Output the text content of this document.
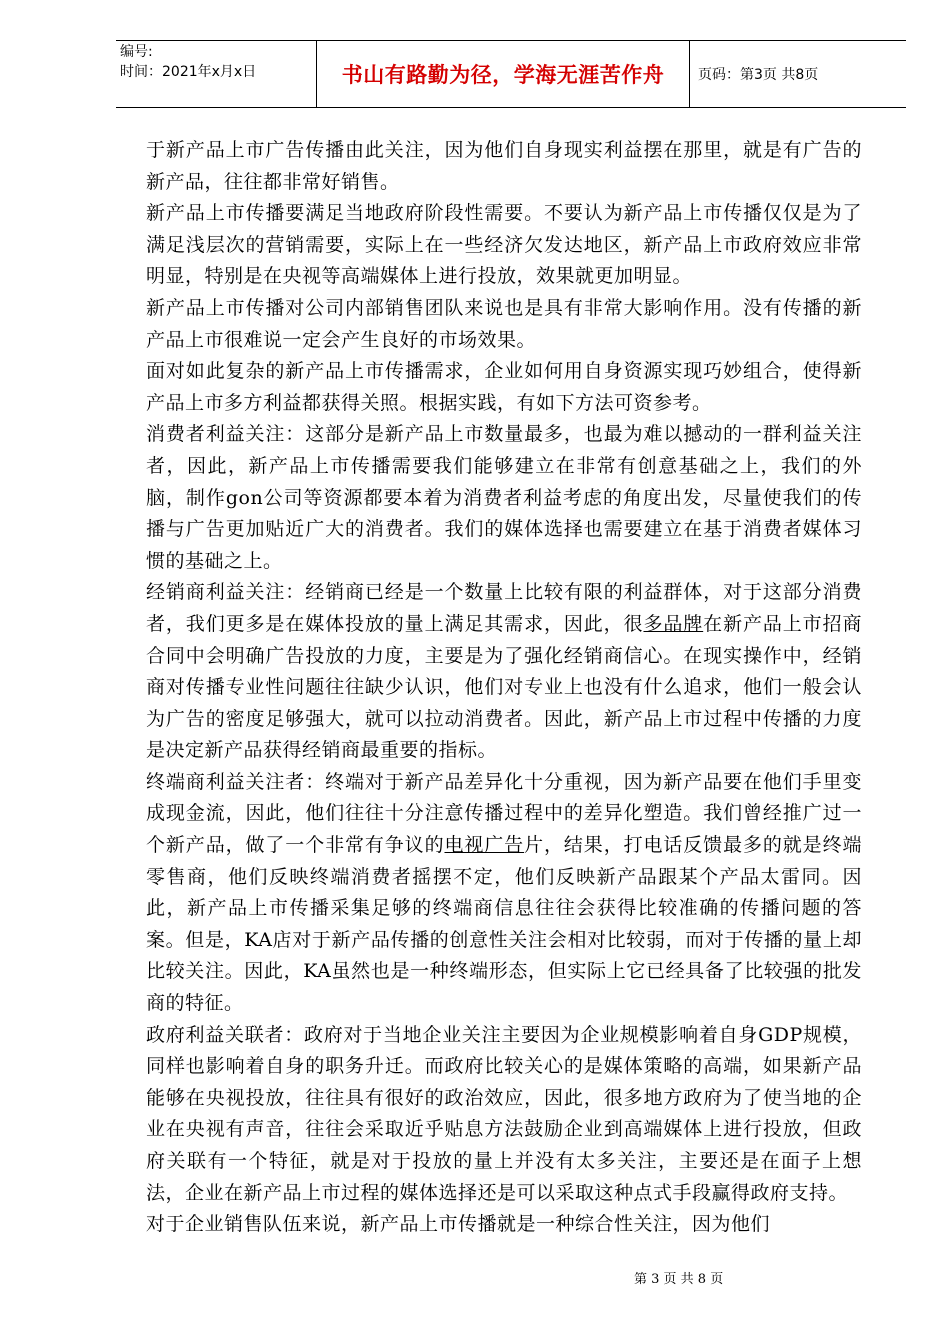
编号:
时间：2021年x月x日	书山有路勤为径，学海无涯苦作舟 页码：第3页 共8页

于新产品上市广告传播由此关注，因为他们自身现实利益摆在那里，就是有广告的新产品，往往都非常好销售。

新产品上市传播要满足当地政府阶段性需要。不要认为新产品上市传播仅仅是为了满足浅层次的营销需要，实际上在一些经济欠发达地区，新产品上市政府效应非常明显，特别是在央视等高端媒体上进行投放，效果就更加明显。

新产品上市传播对公司内部销售团队来说也是具有非常大影响作用。没有传播的新产品上市很难说一定会产生良好的市场效果。

面对如此复杂的新产品上市传播需求，企业如何用自身资源实现巧妙组合，使得新产品上市多方利益都获得关照。根据实践，有如下方法可资参考。

消费者利益关注：这部分是新产品上市数量最多，也最为难以撼动的一群利益关注者，因此，新产品上市传播需要我们能够建立在非常有创意基础之上，我们的外脑，制作gon公司等资源都要本着为消费者利益考虑的角度出发，尽量使我们的传播与广告更加贴近广大的消费者。我们的媒体选择也需要建立在基于消费者媒体习惯的基础之上。

经销商利益关注：经销商已经是一个数量上比较有限的利益群体，对于这部分消费者，我们更多是在媒体投放的量上满足其需求，因此，很多品牌在新产品上市招商合同中会明确广告投放的力度，主要是为了强化经销商信心。在现实操作中，经销商对传播专业性问题往往缺少认识，他们对专业上也没有什么追求，他们一般会认为广告的密度足够强大，就可以拉动消费者。因此，新产品上市过程中传播的力度是决定新产品获得经销商最重要的指标。

终端商利益关注者：终端对于新产品差异化十分重视，因为新产品要在他们手里变成现金流，因此，他们往往十分注意传播过程中的差异化塑造。我们曾经推广过一个新产品，做了一个非常有争议的电视广告片，结果，打电话反馈最多的就是终端零售商，他们反映终端消费者摇摆不定，他们反映新产品跟某个产品太雷同。因此，新产品上市传播采集足够的终端商信息往往会获得比较准确的传播问题的答案。但是，KA店对于新产品传播的创意性关注会相对比较弱，而对于传播的量上却比较关注。因此，KA虽然也是一种终端形态，但实际上它已经具备了比较强的批发商的特征。

政府利益关联者：政府对于当地企业关注主要因为企业规模影响着自身GDP规模，同样也影响着自身的职务升迁。而政府比较关心的是媒体策略的高端，如果新产品能够在央视投放，往往具有很好的政治效应，因此，很多地方政府为了使当地的企业在央视有声音，往往会采取近乎贴息方法鼓励企业到高端媒体上进行投放，但政府关联有一个特征，就是对于投放的量上并没有太多关注，主要还是在面子上想法，企业在新产品上市过程的媒体选择还是可以采取这种点式手段赢得政府支持。

对于企业销售队伍来说，新产品上市传播就是一种综合性关注，因为他们

第 3 页 共 8 页
